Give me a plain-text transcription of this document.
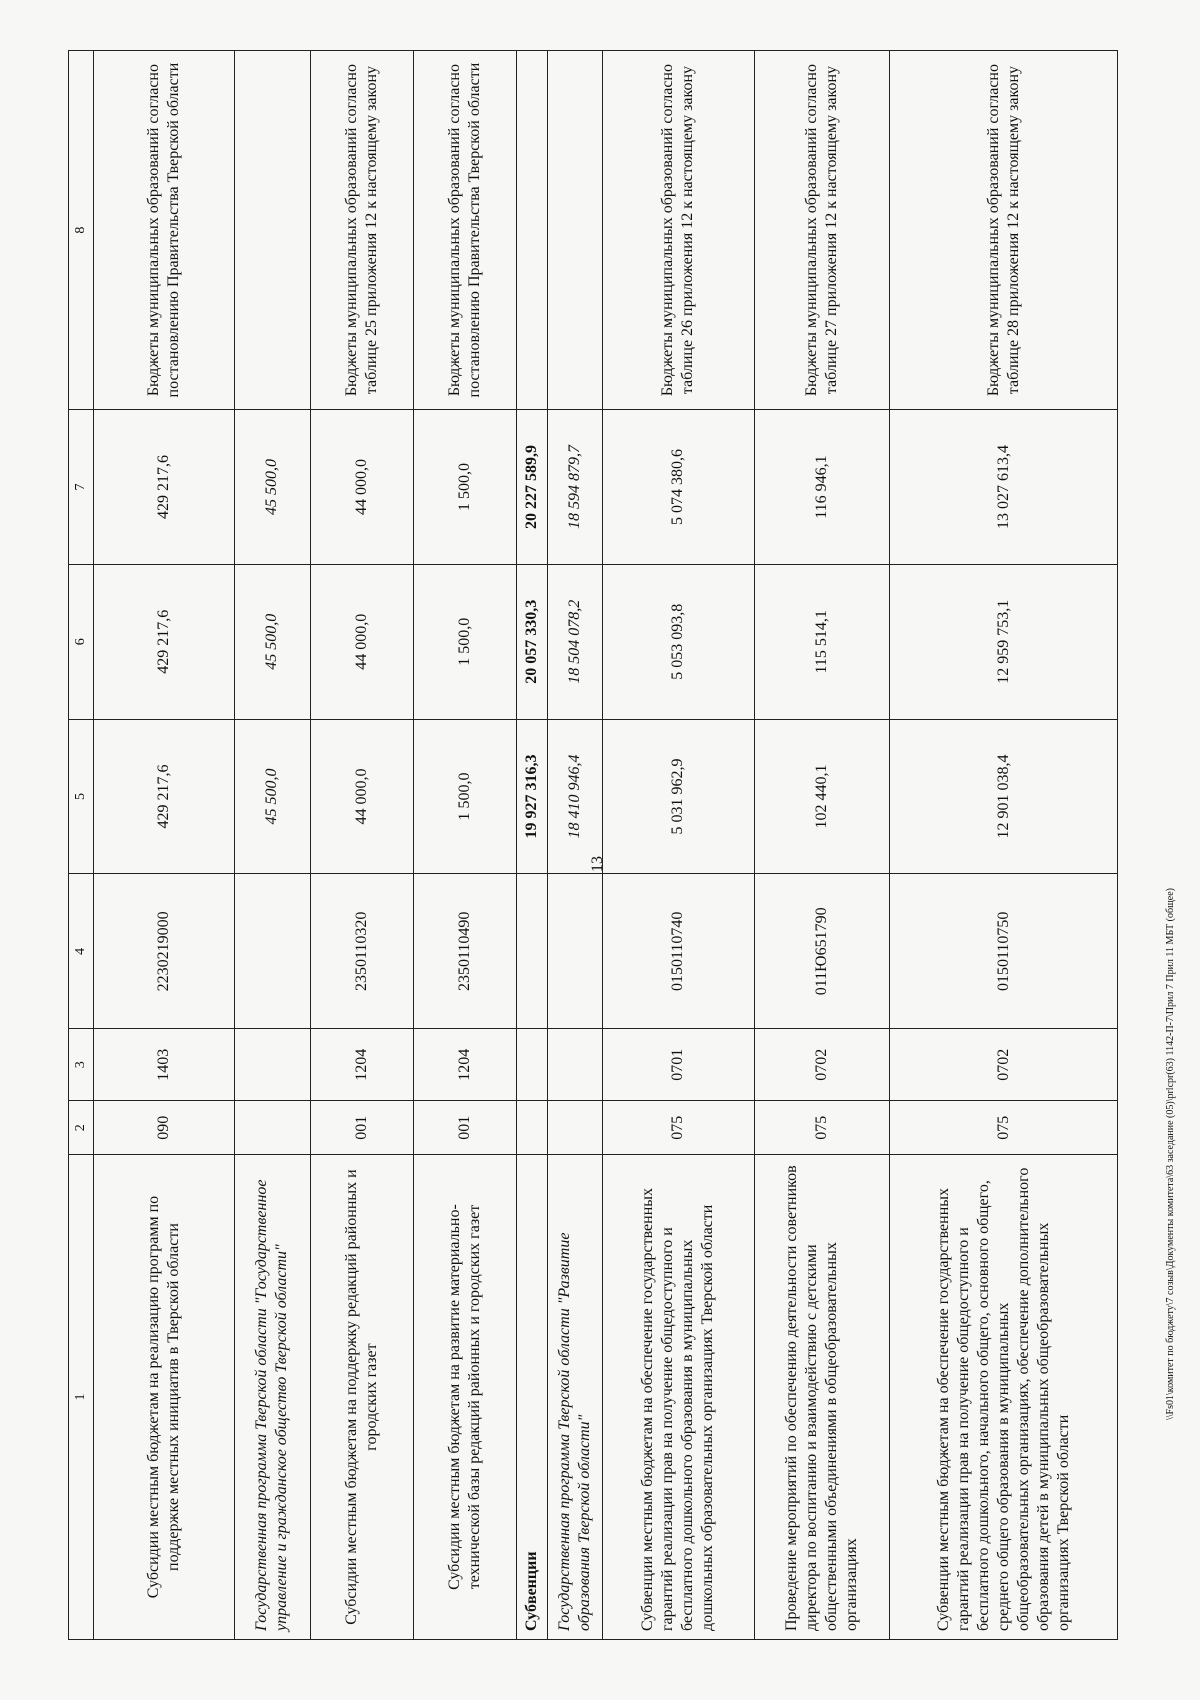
13
1	2	3	4	5	6	7	8
Субсидии местным бюджетам на реализацию программ по поддержке местных инициатив в Тверской области	090	1403	2230219000	429 217,6	429 217,6	429 217,6	Бюджеты муниципальных образований согласно постановлению Правительства Тверской области
Государственная программа Тверской области "Государственное управление и гражданское общество Тверской области"				45 500,0	45 500,0	45 500,0	
Субсидии местным бюджетам на поддержку редакций районных и городских газет	001	1204	2350110320	44 000,0	44 000,0	44 000,0	Бюджеты муниципальных образований согласно таблице 25 приложения 12 к настоящему закону
Субсидии местным бюджетам на развитие материально-технической базы редакций районных и городских газет	001	1204	2350110490	1 500,0	1 500,0	1 500,0	Бюджеты муниципальных образований согласно постановлению Правительства Тверской области
Субвенции				19 927 316,3	20 057 330,3	20 227 589,9	
Государственная программа Тверской области "Развитие образования Тверской области"				18 410 946,4	18 504 078,2	18 594 879,7	
Субвенции местным бюджетам на обеспечение государственных гарантий реализации прав на получение общедоступного и бесплатного дошкольного образования в муниципальных дошкольных образовательных организациях Тверской области	075	0701	0150110740	5 031 962,9	5 053 093,8	5 074 380,6	Бюджеты муниципальных образований согласно таблице 26 приложения 12 к настоящему закону
Проведение мероприятий по обеспечению деятельности советников директора по воспитанию и взаимодействию с детскими общественными объединениями в общеобразовательных организациях	075	0702	011Ю651790	102 440,1	115 514,1	116 946,1	Бюджеты муниципальных образований согласно таблице 27 приложения 12 к настоящему закону
Субвенции местным бюджетам на обеспечение государственных гарантий реализации прав на получение общедоступного и бесплатного дошкольного, начального общего, основного общего, среднего общего образования в муниципальных общеобразовательных организациях, обеспечение дополнительного образования детей в муниципальных общеобразовательных организациях Тверской области	075	0702	0150110750	12 901 038,4	12 959 753,1	13 027 613,4	Бюджеты муниципальных образований согласно таблице 28 приложения 12 к настоящему закону
\\Fs01\комитет по бюджету\7 созыв\Документы комитета\63 заседание (05)\prlcpr(63) 1142-П-7\Прил 7 Прил 11 МБТ (общее)
